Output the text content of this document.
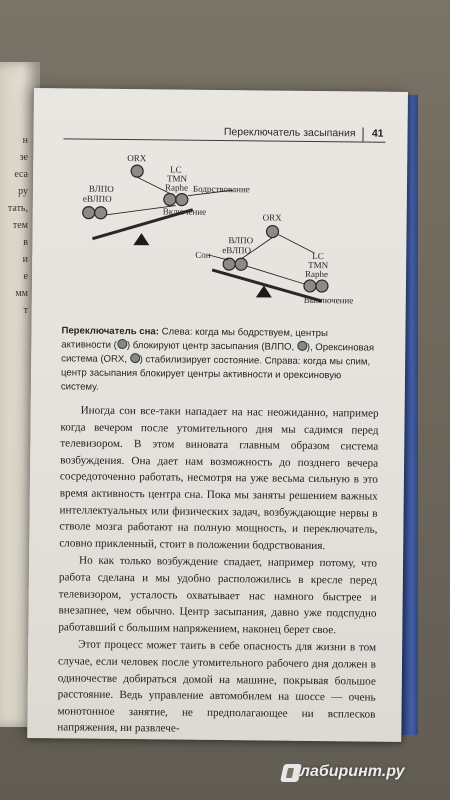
н
зе
еса
ру
тать,
тем
в
и
е
мм
т
Переключатель засыпания 41
ORX
LC
TMN
Raphe Бодрствование
Включение
ВЛПО
еВЛПО
ORX
Сон
ВЛПО
еВЛПО
LC
TMN
Raphe
Выключение
Переключатель сна: Слева: когда мы бодрствуем, центры активности ( ) блокируют центр засыпания (ВЛПО, ), Орексиновая система (ORX, ) стабилизирует состояние. Справа: когда мы спим, центр засыпания блокирует центры активности и орексиновую систему.

Иногда сон все-таки нападает на нас неожиданно, например когда вечером после утомительного дня мы садимся перед телевизором. В этом виновата главным образом система возбуждения. Она дает нам возможность до позднего вечера сосредоточенно работать, несмотря на уже весьма сильную в это время активность центра сна. Пока мы заняты решением важных интеллектуальных или физических задач, возбуждающие нервы в стволе мозга работают на полную мощность, и переключатель, словно прикленный, стоит в положении бодрствования.

Но как только возбуждение спадает, например потому, что работа сделана и мы удобно расположились в кресле перед телевизором, усталость охватывает нас намного быстрее и внезапнее, чем обычно. Центр засыпания, давно уже подспудно работавший с большим напряжением, наконец берет свое.

Этот процесс может таить в себе опасность для жизни в том случае, если человек после утомительного рабочего дня должен в одиночестве добираться домой на машине, покрывая большое расстояние. Ведь управление автомобилем на шоссе — очень монотонное занятие, не предполагающее ни всплесков напряжения, ни развлече-

лабиринт.ру
